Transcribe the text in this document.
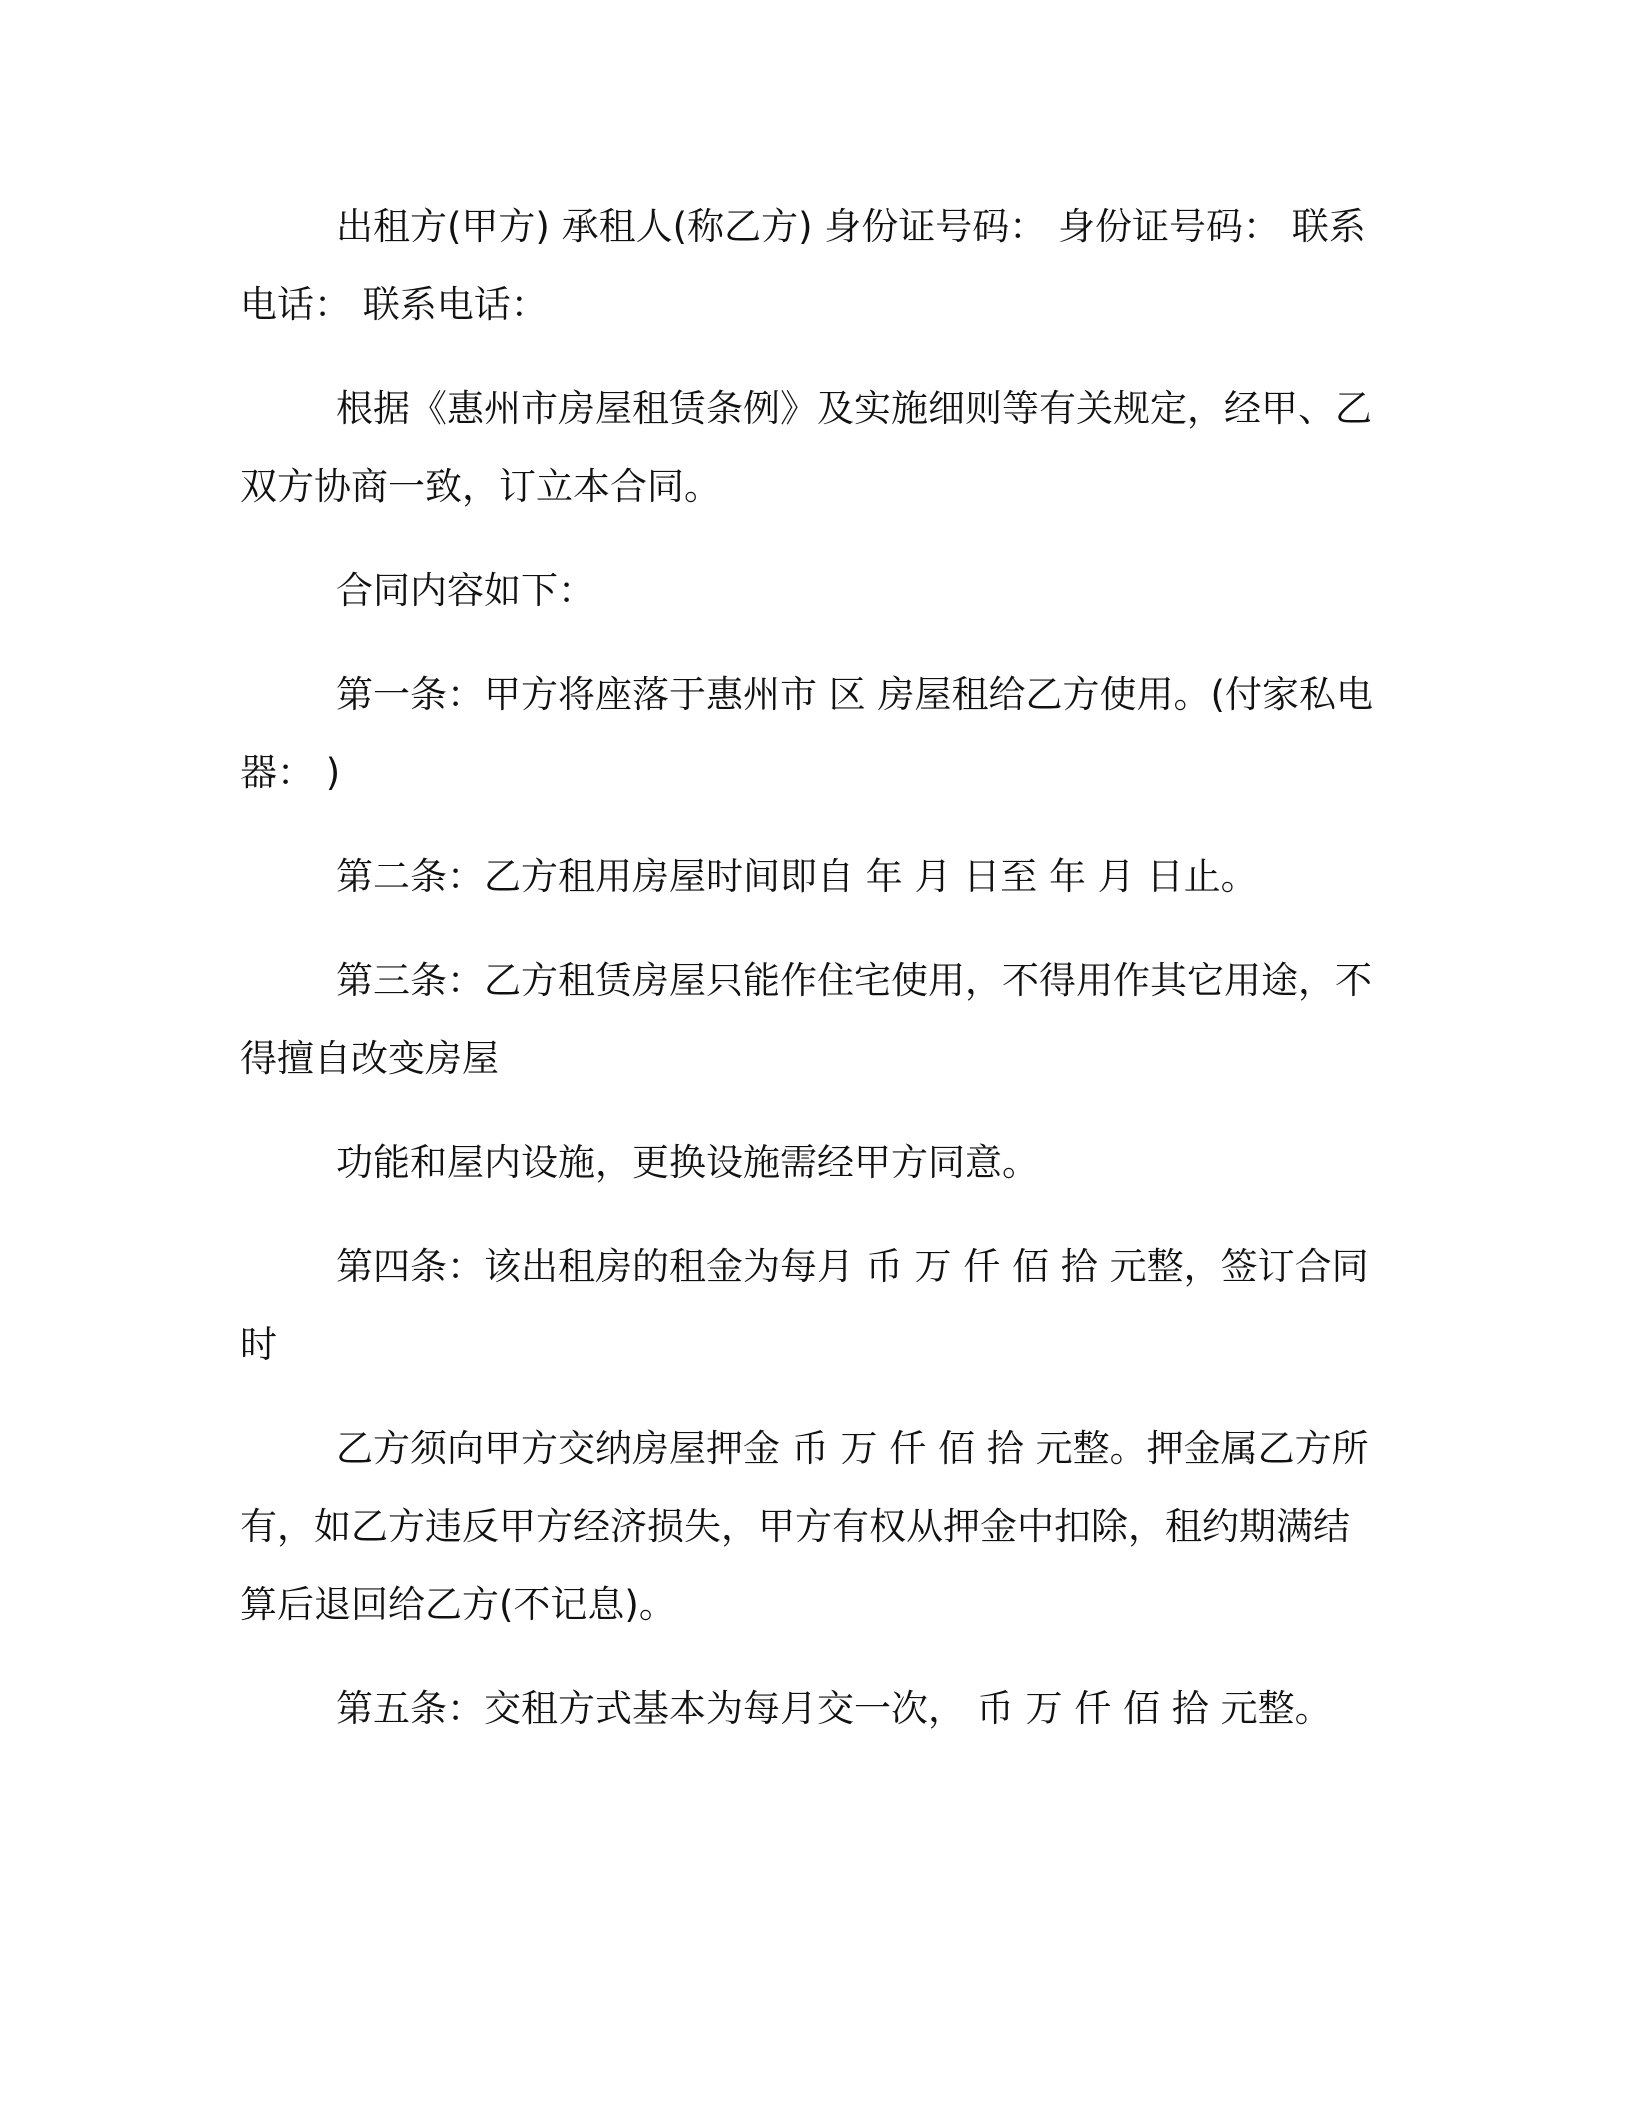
出租方(甲方) 承租人(称乙方) 身份证号码： 身份证号码： 联系电话： 联系电话：

根据《惠州市房屋租赁条例》及实施细则等有关规定，经甲、乙双方协商一致，订立本合同。

合同内容如下：

第一条：甲方将座落于惠州市 区 房屋租给乙方使用。(付家私电器： )

第二条：乙方租用房屋时间即自 年 月 日至 年 月 日止。

第三条：乙方租赁房屋只能作住宅使用，不得用作其它用途，不得擅自改变房屋

功能和屋内设施，更换设施需经甲方同意。

第四条：该出租房的租金为每月 币 万 仟 佰 拾 元整，签订合同时

乙方须向甲方交纳房屋押金 币 万 仟 佰 拾 元整。押金属乙方所有，如乙方违反甲方经济损失，甲方有权从押金中扣除，租约期满结算后退回给乙方(不记息)。

第五条：交租方式基本为每月交一次， 币 万 仟 佰 拾 元整。
